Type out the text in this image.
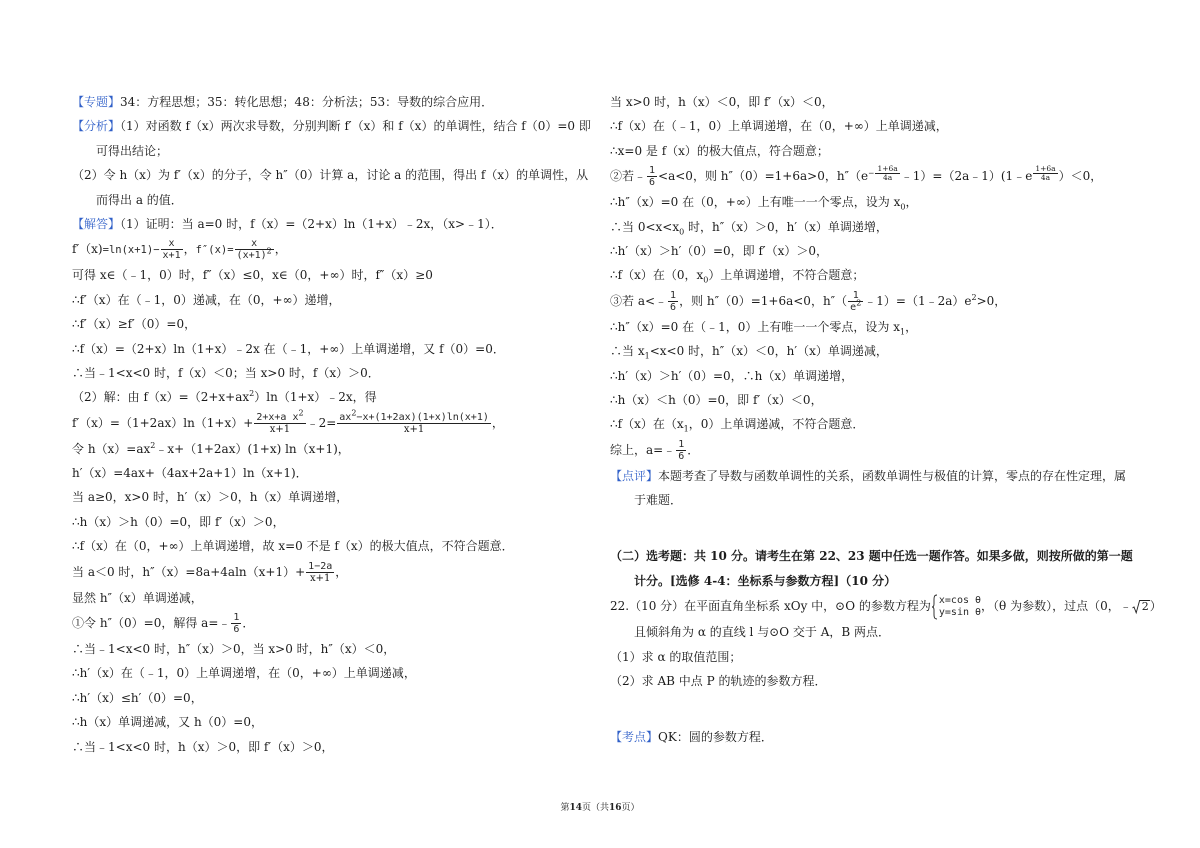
【专题】34：方程思想；35：转化思想；48：分析法；53：导数的综合应用．
【分析】（1）对函数 f（x）两次求导数，分别判断 f′（x）和 f（x）的单调性，结合 f（0）=0 即
可得出结论；
（2）令 h（x）为 f′（x）的分子，令 h″（0）计算 a，讨论 a 的范围，得出 f（x）的单调性，从
而得出 a 的值．
【解答】（1）证明：当 a=0 时，f（x）=（2+x）ln（1+x）﹣2x，（x>﹣1）．
$f'(x)=\ln(x+1)- \frac{x}{x+1}$ ，$f''(x)= \frac{x}{(x+1)^2}$ ，
可得 x∈（﹣1，0）时，f″（x）≤0，x∈（0，+∞）时，f″（x）≥0
∴f′（x）在（﹣1，0）递减，在（0，+∞）递增，
∴f′（x）≥f′（0）=0，
∴f（x）=（2+x）ln（1+x）﹣2x 在（﹣1，+∞）上单调递增，又 f（0）=0．
∴当﹣1<x<0 时，f（x）＜0；当 x>0 时，f（x）＞0．
（2）解：由 $f(x)=(2+x+ax^2)\ln(1+x)﹣2x$，得
$f'(x)=(1+2ax)\ln(1+x)+ \frac{2+x+a x^2}{x+1}$ ﹣2= $\frac{ax^2-x+(1+2ax)(1+x)\ln(x+1)}{x+1}$ ，
令 $h(x)=ax^2﹣x+(1+2ax)(1+x)$ ln（x+1)，
h′（x）=4ax+（4ax+2a+1）ln（x+1)．
当 a≥0，x>0 时，h′（x）＞0，h（x）单调递增，
∴h（x）＞h（0）=0，即 f′（x）＞0，
∴f（x）在（0，+∞）上单调递增，故 x=0 不是 f（x）的极大值点，不符合题意．
当 a＜0 时，$h''(x)=8a+4aln(x+1)+ \frac{1-2a}{x+1}$ ，
显然 h″（x）单调递减，
①令 h″（0）=0，解得 a=﹣ $\frac{1}{6}$ ．
∴当﹣1<x<0 时，h″（x）＞0，当 x>0 时，h″（x）＜0，
∴h′（x）在（﹣1，0）上单调递增，在（0，+∞）上单调递减，
∴h′（x）≤h′（0）=0，
∴h（x）单调递减，又 h（0）=0，
∴当﹣1<x<0 时，h（x）＞0，即 f′（x）＞0，
当 x>0 时，h（x）＜0，即 f′（x）＜0，
∴f（x）在（﹣1，0）上单调递增，在（0，+∞）上单调递减，
∴x=0 是 f（x）的极大值点，符合题意；
②若﹣ $\frac{1}{6} <a<0$，则 h″（0）=1+6a>0，$h''(e- \frac{1+6a}{4a}$ ﹣1）=（2a﹣1）(1﹣e $\frac{1+6a}{4a} )<0$，
∴h″（x）=0 在（0，+∞）上有唯一一个零点，设为 $x_0$，
∴当 $0<x<x_0$ 时，h″（x）＞0，h′（x）单调递增，
∴h′（x）＞h′（0）=0，即 f′（x）＞0，
∴f（x）在（0，$x_0$）上单调递增，不符合题意；
③若 a<﹣ $\frac{1}{6}$ ，则 h″（0）=1+6a<0，$h''( \frac{1}{e^2}$ $﹣1)=(1﹣2a)e^2>0$，
∴h″（x）=0 在（﹣1，0）上有唯一一个零点，设为 $x_1$，
∴当 $x_1<x<0$ 时，h″（x）＜0，h′（x）单调递减，
∴h′（x）＞h′（0）=0，∴h（x）单调递增，
∴h（x）＜h（0）=0，即 f′（x）＜0，
∴f（x）在（$x_1$，0）上单调递减，不符合题意．
综上，a=﹣ $\frac{1}{6}$ ．
【点评】本题考查了导数与函数单调性的关系，函数单调性与极值的计算，零点的存在性定理，属
于难题．
（二）选考题：共 10 分。请考生在第 22、23 题中任选一题作答。如果多做，则按所做的第一题
计分。[选修 4-4：坐标系与参数方程]（10 分）
22.（10 分）在平面直角坐标系 xOy 中，⊙O 的参数方程为 x=cos θ
y=sin θ ，（θ 为参数），过点（0，﹣ 2 ）
且倾斜角为 α 的直线 l 与⊙O 交于 A，B 两点．
（1）求 α 的取值范围；
（2）求 AB 中点 P 的轨迹的参数方程．
【考点】QK：圆的参数方程．
第14页（共16页）
